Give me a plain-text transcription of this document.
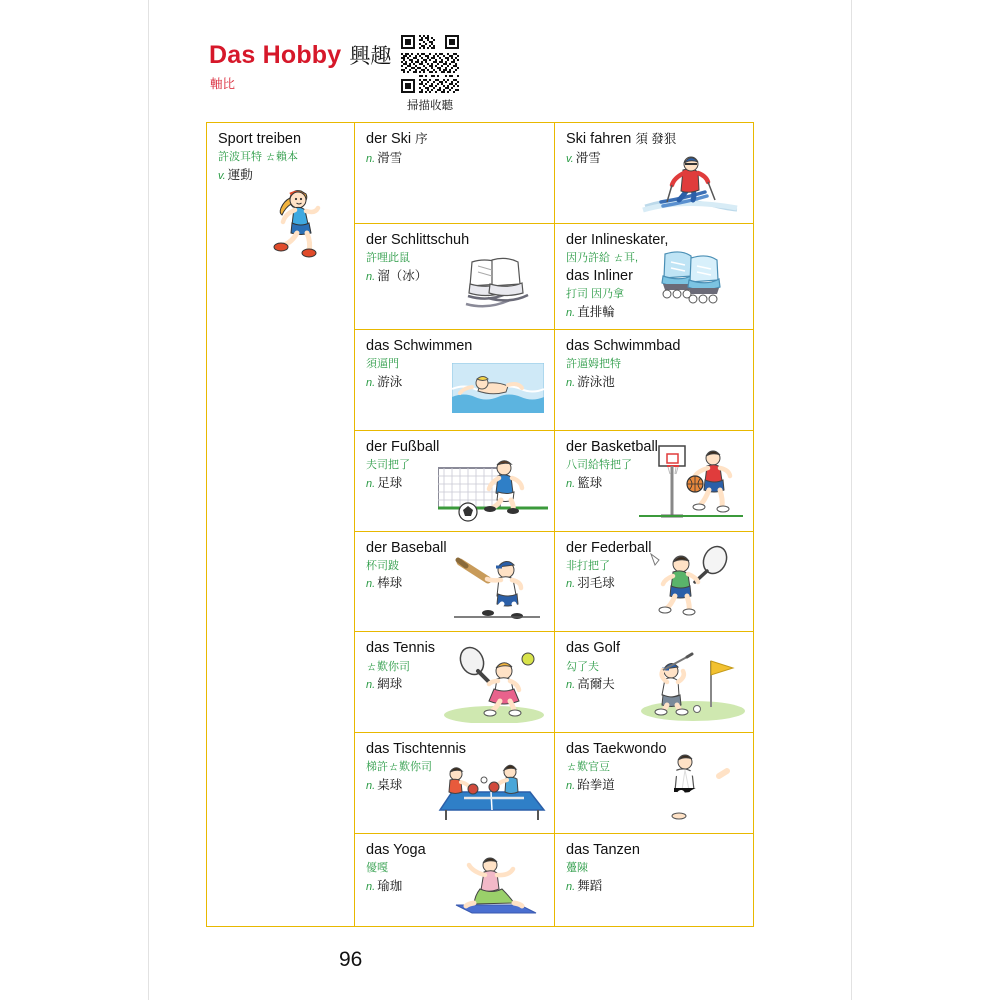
Das Hobby 興趣
軸比
掃描收聽
Sport treiben
許波耳特 ㄊ賴本
v. 運動
der Ski 序
n. 滑雪
der Schlittschuh
許哩此鼠
n. 溜（冰）
das Schwimmen
須逼門
n. 游泳
der Fußball
夫司把了
n. 足球
der Baseball
杯司跛
n. 棒球
das Tennis
ㄊ歎你司
n. 網球
das Tischtennis
梯許ㄊ歎你司
n. 桌球
das Yoga
優嘎
n. 瑜珈
Ski fahren 須 發狠
v. 滑雪
der Inlineskater,
因乃許給 ㄊ耳,
das Inliner
打司 因乃拿
n. 直排輪
das Schwimmbad
許逼姆把特
n. 游泳池
der Basketball
八司給特把了
n. 籃球
der Federball
非打把了
n. 羽毛球
das Golf
勾了夫
n. 高爾夫
das Taekwondo
ㄊ歎官豆
n. 跆拳道
das Tanzen
躉陳
n. 舞蹈
96
